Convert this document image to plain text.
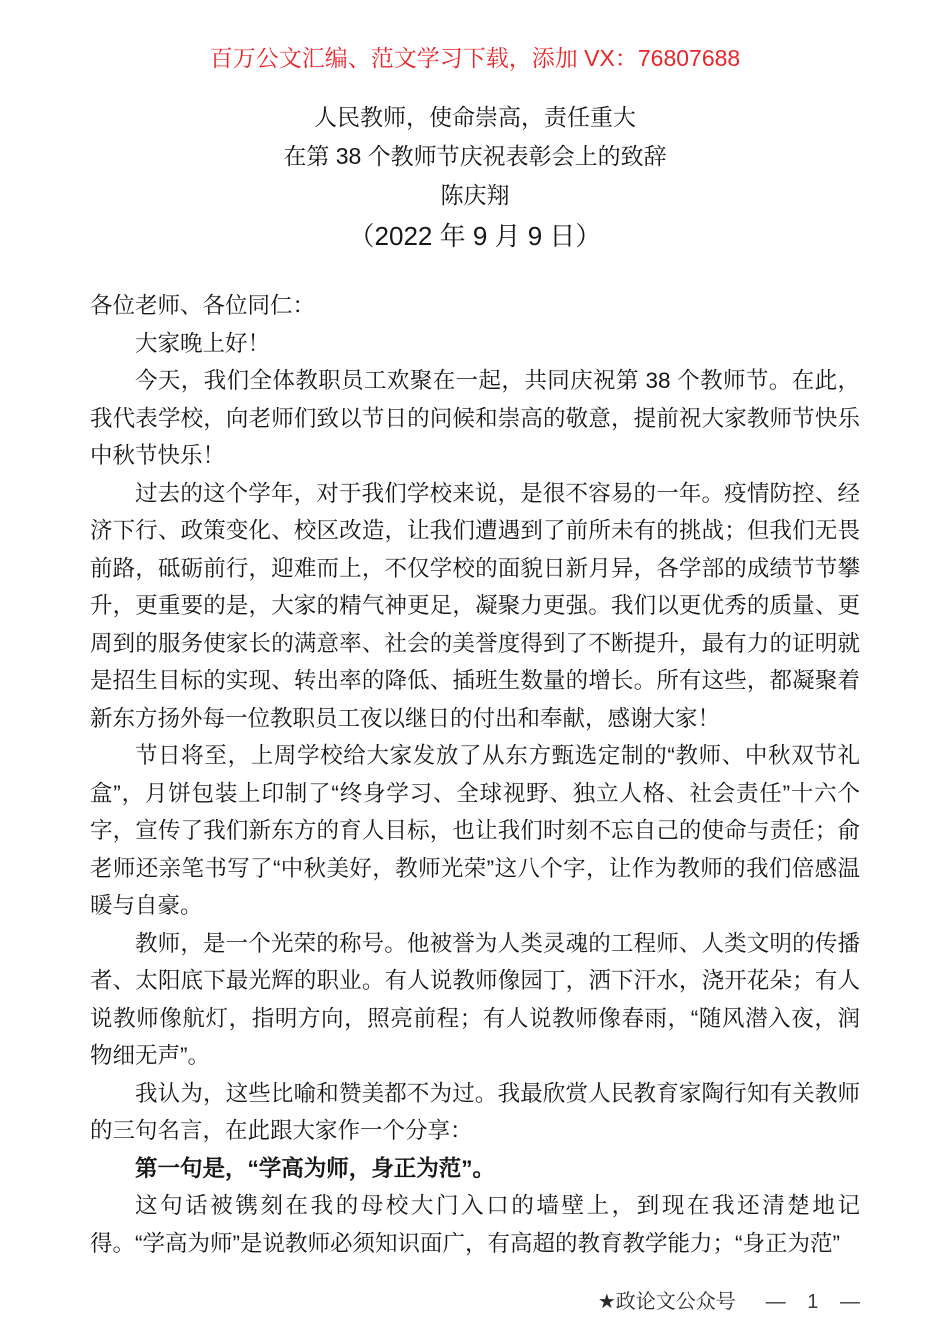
百万公文汇编、范文学习下载，添加 VX：76807688
人民教师，使命崇高，责任重大
在第 38 个教师节庆祝表彰会上的致辞
陈庆翔
（2022 年 9 月 9 日）

各位老师、各位同仁：

大家晚上好！

今天，我们全体教职员工欢聚在一起，共同庆祝第 38 个教师节。在此，我代表学校，向老师们致以节日的问候和崇高的敬意，提前祝大家教师节快乐中秋节快乐！

过去的这个学年，对于我们学校来说，是很不容易的一年。疫情防控、经济下行、政策变化、校区改造，让我们遭遇到了前所未有的挑战；但我们无畏前路，砥砺前行，迎难而上，不仅学校的面貌日新月异，各学部的成绩节节攀升，更重要的是，大家的精气神更足，凝聚力更强。我们以更优秀的质量、更周到的服务使家长的满意率、社会的美誉度得到了不断提升，最有力的证明就是招生目标的实现、转出率的降低、插班生数量的增长。所有这些，都凝聚着新东方扬外每一位教职员工夜以继日的付出和奉献，感谢大家！

节日将至，上周学校给大家发放了从东方甄选定制的“教师、中秋双节礼盒”，月饼包装上印制了“终身学习、全球视野、独立人格、社会责任”十六个字，宣传了我们新东方的育人目标，也让我们时刻不忘自己的使命与责任；俞老师还亲笔书写了“中秋美好，教师光荣”这八个字，让作为教师的我们倍感温暖与自豪。

教师，是一个光荣的称号。他被誉为人类灵魂的工程师、人类文明的传播者、太阳底下最光辉的职业。有人说教师像园丁，洒下汗水，浇开花朵；有人说教师像航灯，指明方向，照亮前程；有人说教师像春雨，“随风潜入夜，润物细无声”。

我认为，这些比喻和赞美都不为过。我最欣赏人民教育家陶行知有关教师的三句名言，在此跟大家作一个分享：

第一句是，“学高为师，身正为范”。

这句话被镌刻在我的母校大门入口的墙壁上，到现在我还清楚地记得。“学高为师”是说教师必须知识面广，有高超的教育教学能力；“身正为范”

★政论文公众号 — 1 —
